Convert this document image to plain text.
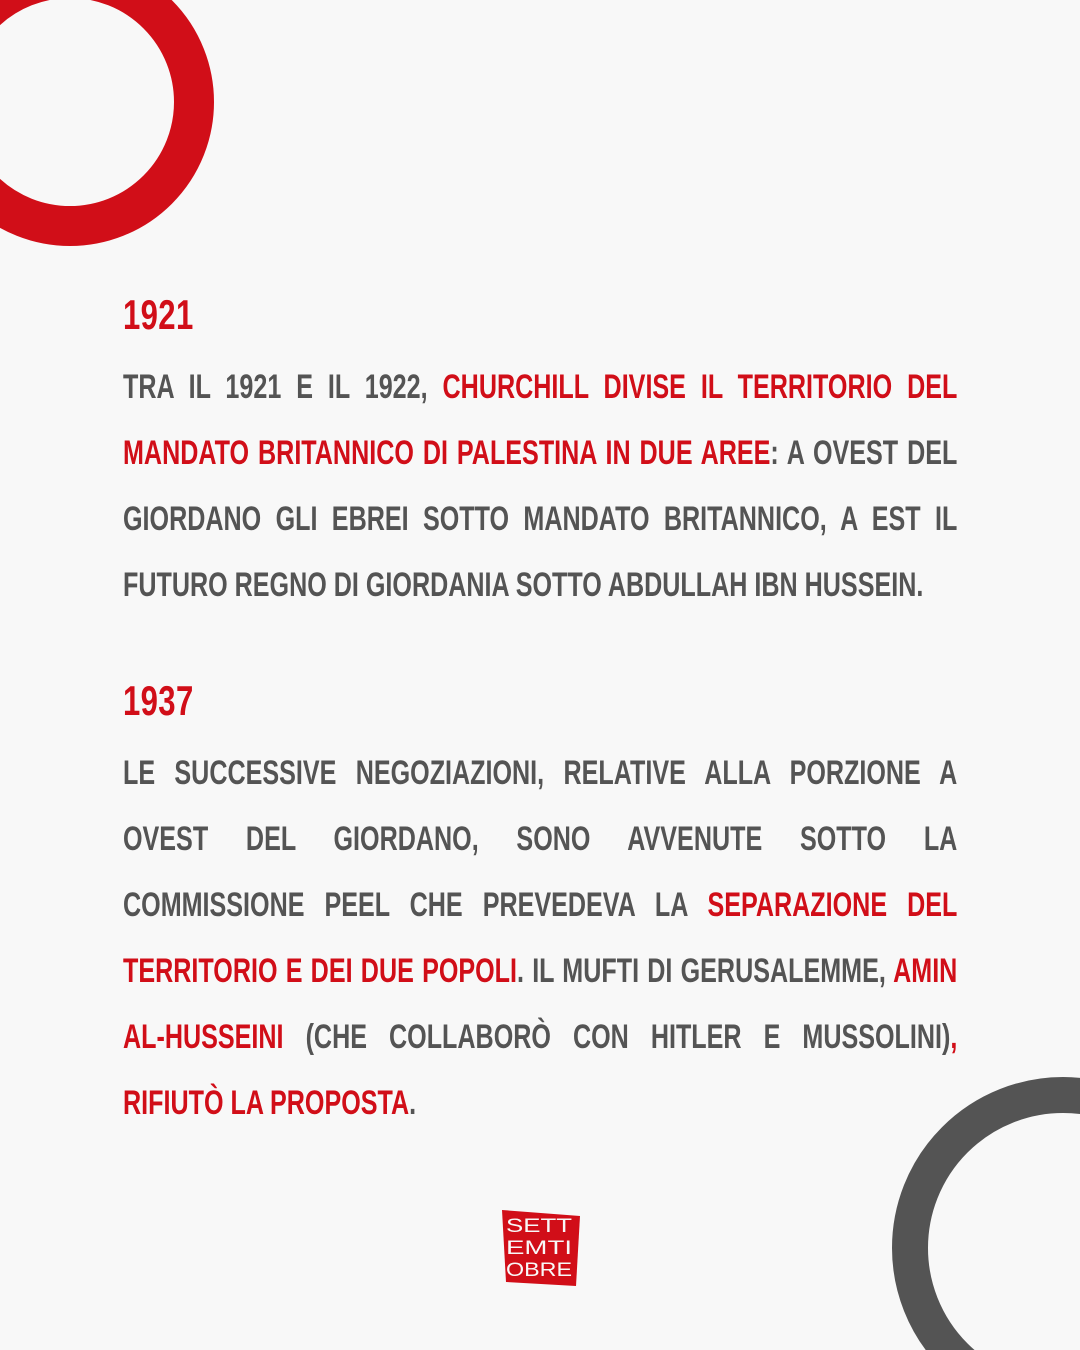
1921
TRA IL 1921 E IL 1922, CHURCHILL DIVISE IL TERRITORIO DEL MANDATO BRITANNICO DI PALESTINA IN DUE AREE: A OVEST DEL GIORDANO GLI EBREI SOTTO MANDATO BRITANNICO, A EST IL FUTURO REGNO DI GIORDANIA SOTTO ABDULLAH IBN HUSSEIN.
1937
LE SUCCESSIVE NEGOZIAZIONI, RELATIVE ALLA PORZIONE A OVEST DEL GIORDANO, SONO AVVENUTE SOTTO LA COMMISSIONE PEEL CHE PREVEDEVA LA SEPARAZIONE DEL TERRITORIO E DEI DUE POPOLI. IL MUFTI DI GERUSALEMME, AMIN AL-HUSSEINI (CHE COLLABORÒ CON HITLER E MUSSOLINI), RIFIUTÒ LA PROPOSTA.
SETT
EMTI
OBRE
